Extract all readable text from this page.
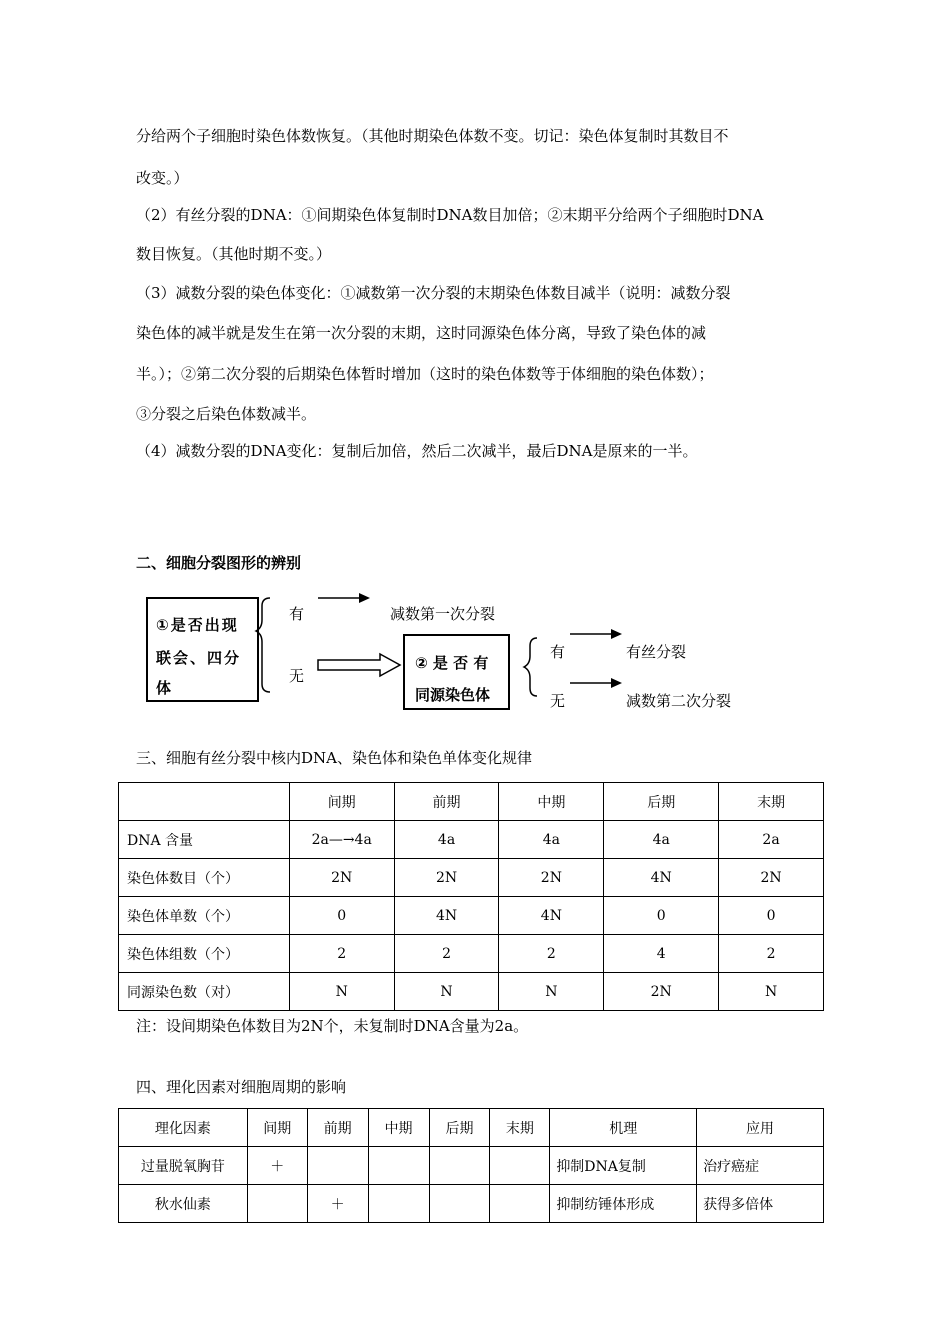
分给两个子细胞时染色体数恢复。（其他时期染色体数不变。切记：染色体复制时其数目不
改变。）
（2）有丝分裂的DNA：①间期染色体复制时DNA数目加倍；②末期平分给两个子细胞时DNA
数目恢复。（其他时期不变。）
（3）减数分裂的染色体变化：①减数第一次分裂的末期染色体数目减半（说明：减数分裂
染色体的减半就是发生在第一次分裂的末期，这时同源染色体分离，导致了染色体的减
半。）；②第二次分裂的后期染色体暂时增加（这时的染色体数等于体细胞的染色体数）；
③分裂之后染色体数减半。
（4）减数分裂的DNA变化：复制后加倍，然后二次减半，最后DNA是原来的一半。
二、细胞分裂图形的辨别
①是否出现
联会、四分
体
② 是 否 有
同源染色体
有
无
减数第一次分裂
有
无
有丝分裂
减数第二次分裂
三、细胞有丝分裂中核内DNA、染色体和染色单体变化规律
	间期	前期	中期	后期	末期
DNA 含量	2a—→4a	4a	4a	4a	2a
染色体数目（个）	2N	2N	2N	4N	2N
染色体单数（个）	0	4N	4N	0	0
染色体组数（个）	2	2	2	4	2
同源染色数（对）	N	N	N	2N	N
注：设间期染色体数目为2N个，未复制时DNA含量为2a。
四、理化因素对细胞周期的影响
理化因素	间期	前期	中期	后期	末期	机理	应用
过量脱氧胸苷	＋					抑制DNA复制	治疗癌症
秋水仙素		＋				抑制纺锤体形成	获得多倍体
